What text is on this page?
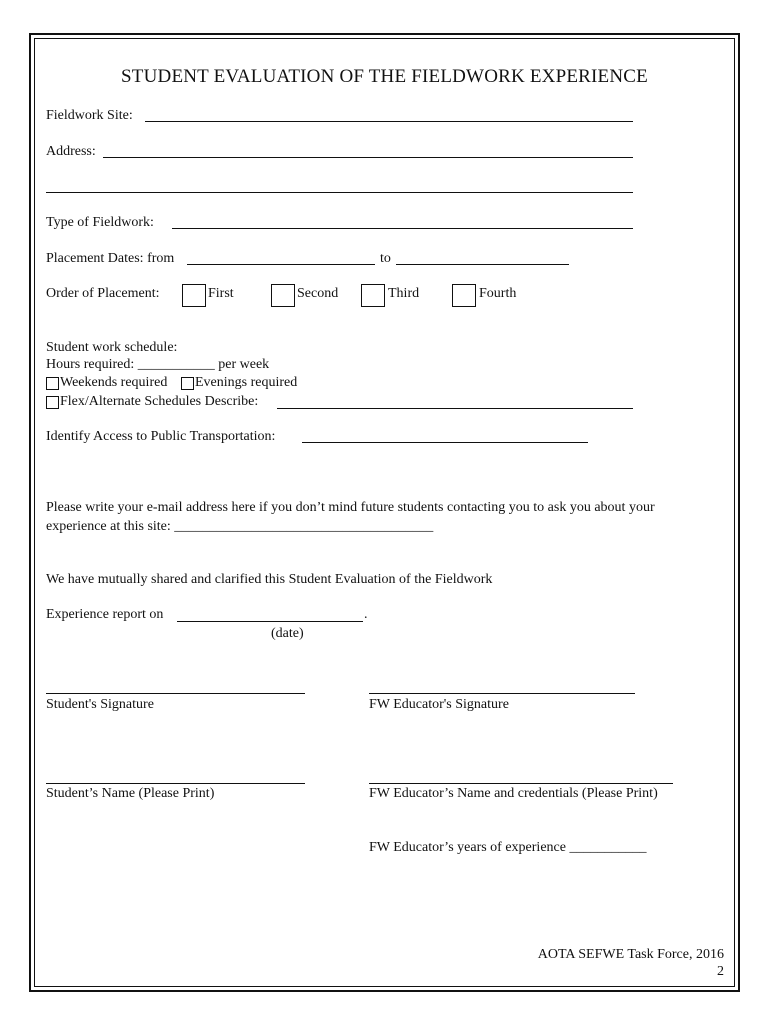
STUDENT EVALUATION OF THE FIELDWORK EXPERIENCE
Fieldwork Site:
Address:
Type of Fieldwork:
Placement Dates: from	to
Order of Placement:	First	Second	Third	Fourth
Student work schedule:
Hours required: ___________ per week
Weekends required Evenings required
Flex/Alternate Schedules Describe:
Identify Access to Public Transportation:
Please write your e-mail address here if you don’t mind future students contacting you to ask you about your
experience at this site: _____________________________________
We have mutually shared and clarified this Student Evaluation of the Fieldwork
Experience report on	.
(date)
Student's Signature	FW Educator's Signature
Student’s Name (Please Print)	FW Educator’s Name and credentials (Please Print)
FW Educator’s years of experience ___________
AOTA SEFWE Task Force, 2016
2
